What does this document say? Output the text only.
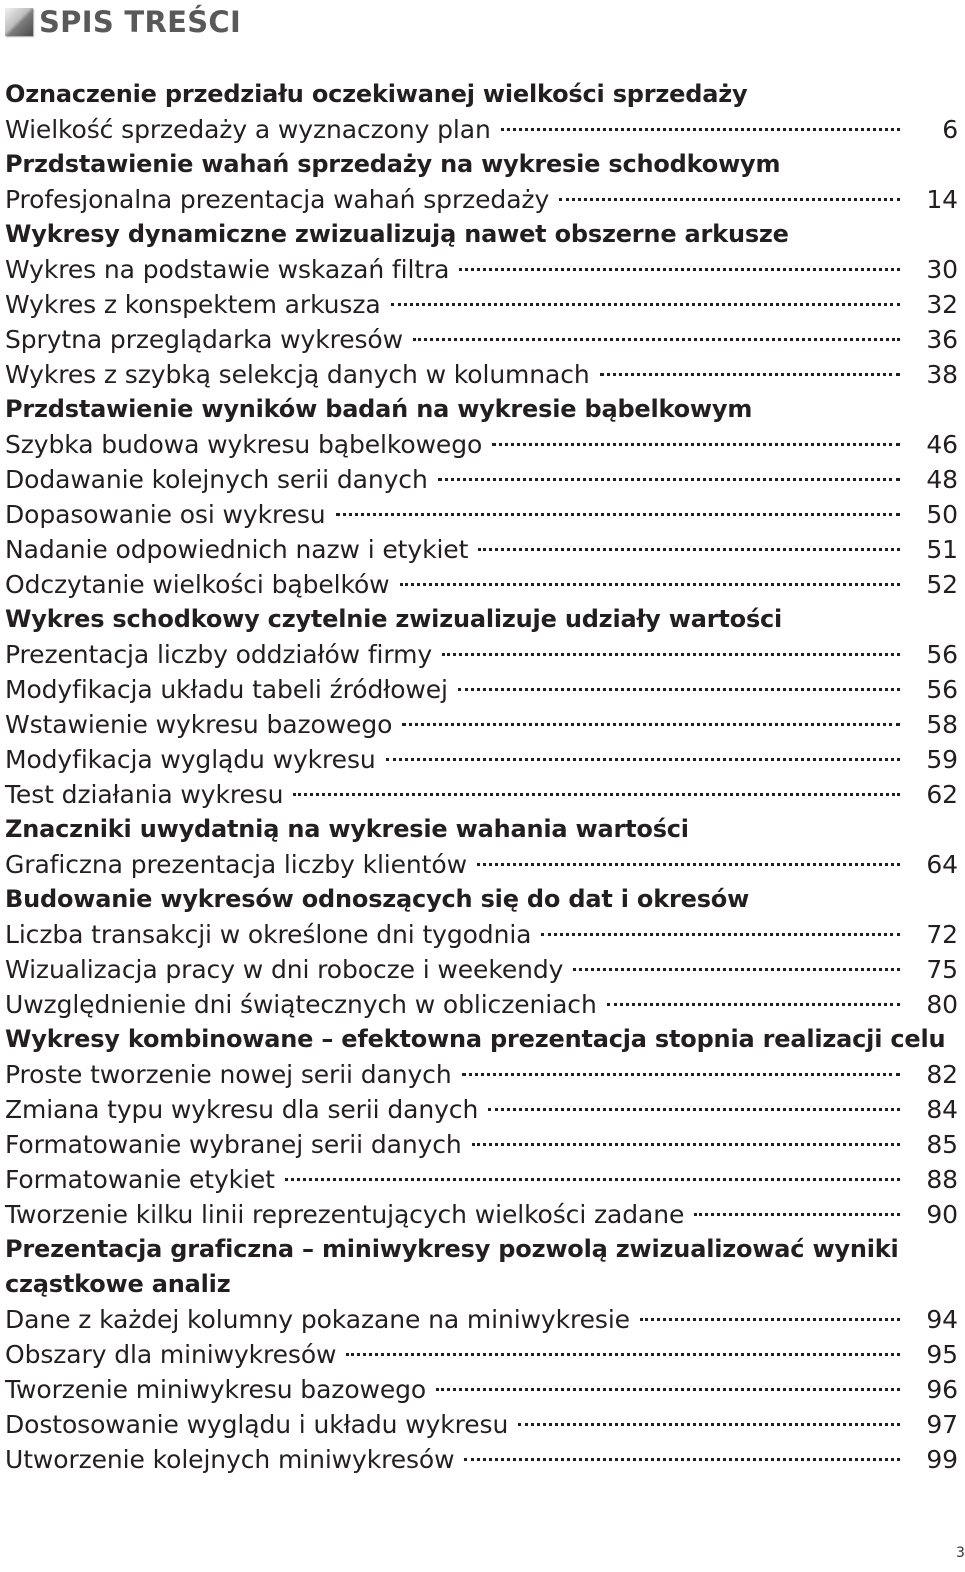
SPIS TREŚCI
Oznaczenie przedziału oczekiwanej wielkości sprzedaży
Wielkość sprzedaży a wyznaczony plan	6
Przdstawienie wahań sprzedaży na wykresie schodkowym
Profesjonalna prezentacja wahań sprzedaży	14
Wykresy dynamiczne zwizualizują nawet obszerne arkusze
Wykres na podstawie wskazań filtra	30
Wykres z konspektem arkusza	32
Sprytna przeglądarka wykresów	36
Wykres z szybką selekcją danych w kolumnach	38
Przdstawienie wyników badań na wykresie bąbelkowym
Szybka budowa wykresu bąbelkowego	46
Dodawanie kolejnych serii danych	48
Dopasowanie osi wykresu	50
Nadanie odpowiednich nazw i etykiet	51
Odczytanie wielkości bąbelków	52
Wykres schodkowy czytelnie zwizualizuje udziały wartości
Prezentacja liczby oddziałów firmy	56
Modyfikacja układu tabeli źródłowej	56
Wstawienie wykresu bazowego	58
Modyfikacja wyglądu wykresu	59
Test działania wykresu	62
Znaczniki uwydatnią na wykresie wahania wartości
Graficzna prezentacja liczby klientów	64
Budowanie wykresów odnoszących się do dat i okresów
Liczba transakcji w określone dni tygodnia	72
Wizualizacja pracy w dni robocze i weekendy	75
Uwzględnienie dni świątecznych w obliczeniach	80
Wykresy kombinowane – efektowna prezentacja stopnia realizacji celu
Proste tworzenie nowej serii danych	82
Zmiana typu wykresu dla serii danych	84
Formatowanie wybranej serii danych	85
Formatowanie etykiet	88
Tworzenie kilku linii reprezentujących wielkości zadane	90
Prezentacja graficzna – miniwykresy pozwolą zwizualizować wyniki cząstkowe analiz
Dane z każdej kolumny pokazane na miniwykresie	94
Obszary dla miniwykresów	95
Tworzenie miniwykresu bazowego	96
Dostosowanie wyglądu i układu wykresu	97
Utworzenie kolejnych miniwykresów	99
3
